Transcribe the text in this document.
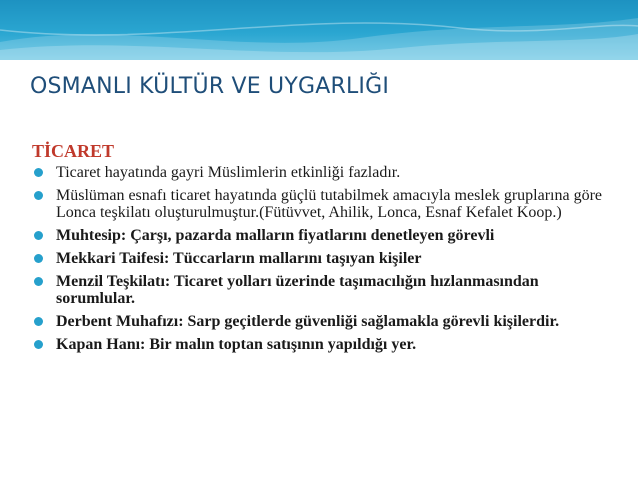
OSMANLI KÜLTÜR VE UYGARLIĞI
TİCARET
Ticaret hayatında gayri Müslimlerin etkinliği fazladır.
Müslüman esnafı ticaret hayatında güçlü tutabilmek amacıyla meslek gruplarına göre Lonca teşkilatı oluşturulmuştur.(Fütüvvet, Ahilik, Lonca, Esnaf Kefalet Koop.)
Muhtesip: Çarşı, pazarda malların fiyatlarını denetleyen görevli
Mekkari Taifesi: Tüccarların mallarını taşıyan kişiler
Menzil Teşkilatı: Ticaret yolları üzerinde taşımacılığın hızlanmasından sorumlular.
Derbent Muhafızı: Sarp geçitlerde güvenliği sağlamakla görevli kişilerdir.
Kapan Hanı: Bir malın toptan satışının yapıldığı yer.
